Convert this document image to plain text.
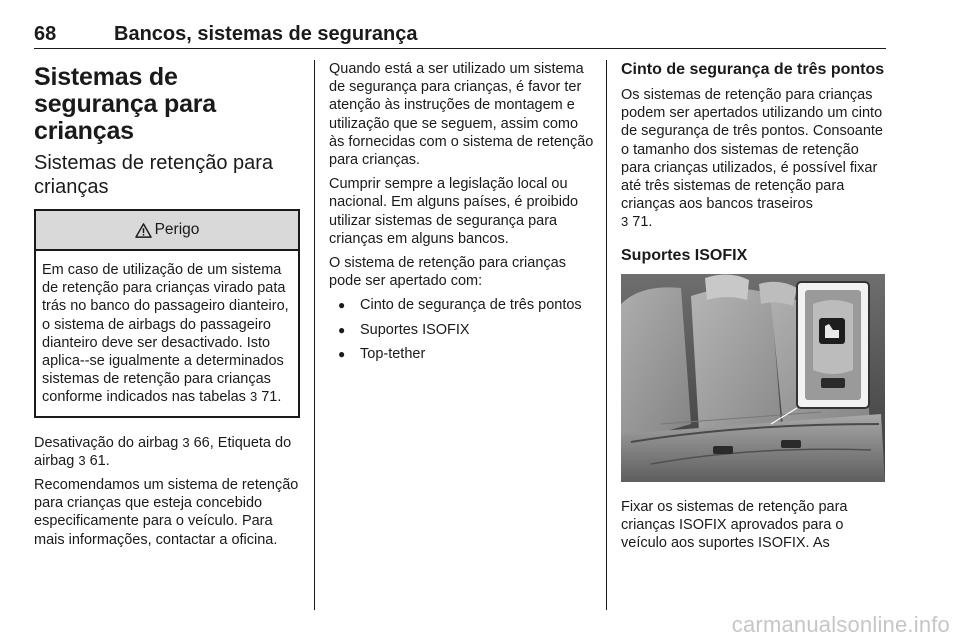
68	Bancos, sistemas de segurança
Sistemas de segurança para crianças
Sistemas de retenção para crianças
Perigo
Em caso de utilização de um sistema de retenção para crianças virado pata trás no banco do passageiro dianteiro, o sistema de airbags do passageiro dianteiro deve ser desactivado. Isto aplica--se igualmente a determinados sistemas de retenção para crianças conforme indicados nas tabelas 3 71.

Desativação do airbag 3 66, Etiqueta do airbag 3 61.

Recomendamos um sistema de retenção para crianças que esteja concebido especificamente para o veículo. Para mais informações, contactar a oficina.

Quando está a ser utilizado um sistema de segurança para crianças, é favor ter atenção às instruções de montagem e utilização que se seguem, assim como às fornecidas com o sistema de retenção para crianças.

Cumprir sempre a legislação local ou nacional. Em alguns países, é proibido utilizar sistemas de segurança para crianças em alguns bancos.

O sistema de retenção para crianças pode ser apertado com:

● Cinto de segurança de três pontos
● Suportes ISOFIX
● Top-tether
Cinto de segurança de três pontos

Os sistemas de retenção para crianças podem ser apertados utilizando um cinto de segurança de três pontos. Consoante o tamanho dos sistemas de retenção para crianças utilizados, é possível fixar até três sistemas de retenção para crianças aos bancos traseiros
3 71.

Suportes ISOFIX

Fixar os sistemas de retenção para crianças ISOFIX aprovados para o veículo aos suportes ISOFIX. As

carmanualsonline.info
